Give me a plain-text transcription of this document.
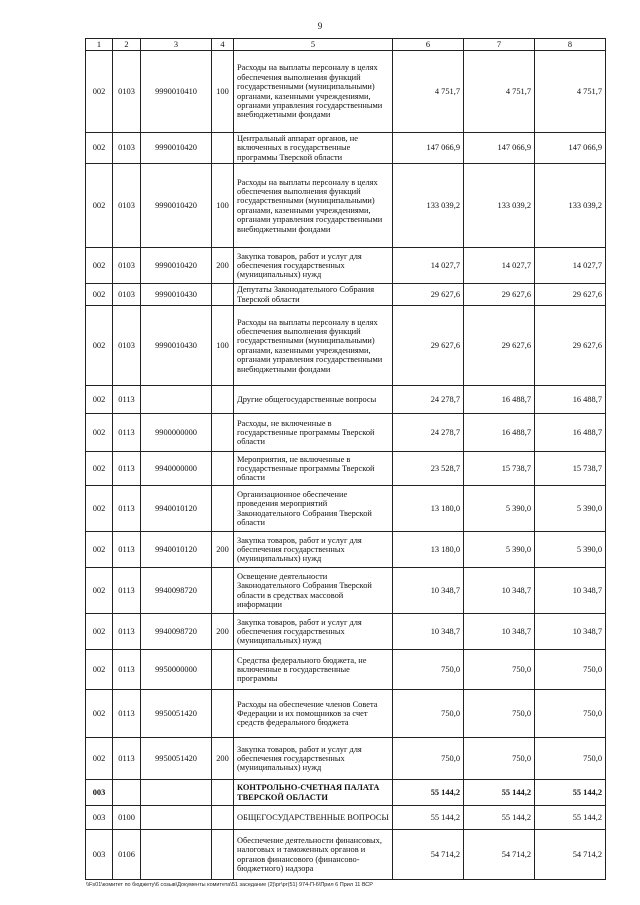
9
1	2	3	4	5	6	7	8
002	0103	9990010410	100	Расходы на выплаты персоналу в целях обеспечения выполнения функций государственными (муниципальными) органами, казенными учреждениями, органами управления государственными внебюджетными фондами	4 751,7	4 751,7	4 751,7
002	0103	9990010420		Центральный аппарат органов, не включенных в государственные программы Тверской области	147 066,9	147 066,9	147 066,9
002	0103	9990010420	100	Расходы на выплаты персоналу в целях обеспечения выполнения функций государственными (муниципальными) органами, казенными учреждениями, органами управления государственными внебюджетными фондами	133 039,2	133 039,2	133 039,2
002	0103	9990010420	200	Закупка товаров, работ и услуг для обеспечения государственных (муниципальных) нужд	14 027,7	14 027,7	14 027,7
002	0103	9990010430		Депутаты Законодательного Собрания Тверской области	29 627,6	29 627,6	29 627,6
002	0103	9990010430	100	Расходы на выплаты персоналу в целях обеспечения выполнения функций государственными (муниципальными) органами, казенными учреждениями, органами управления государственными внебюджетными фондами	29 627,6	29 627,6	29 627,6
002	0113			Другие общегосударственные вопросы	24 278,7	16 488,7	16 488,7
002	0113	9900000000		Расходы, не включенные в государственные программы Тверской области	24 278,7	16 488,7	16 488,7
002	0113	9940000000		Мероприятия, не включенные в государственные программы Тверской области	23 528,7	15 738,7	15 738,7
002	0113	9940010120		Организационное обеспечение проведения мероприятий Законодательного Собрания Тверской области	13 180,0	5 390,0	5 390,0
002	0113	9940010120	200	Закупка товаров, работ и услуг для обеспечения государственных (муниципальных) нужд	13 180,0	5 390,0	5 390,0
002	0113	9940098720		Освещение деятельности Законодательного Собрания Тверской области в средствах массовой информации	10 348,7	10 348,7	10 348,7
002	0113	9940098720	200	Закупка товаров, работ и услуг для обеспечения государственных (муниципальных) нужд	10 348,7	10 348,7	10 348,7
002	0113	9950000000		Средства федерального бюджета, не включенные в государственные программы	750,0	750,0	750,0
002	0113	9950051420		Расходы на обеспечение членов Совета Федерации и их помощников за счет средств федерального бюджета	750,0	750,0	750,0
002	0113	9950051420	200	Закупка товаров, работ и услуг для обеспечения государственных (муниципальных) нужд	750,0	750,0	750,0
003				КОНТРОЛЬНО-СЧЕТНАЯ ПАЛАТА ТВЕРСКОЙ ОБЛАСТИ	55 144,2	55 144,2	55 144,2
003	0100			ОБЩЕГОСУДАРСТВЕННЫЕ ВОПРОСЫ	55 144,2	55 144,2	55 144,2
003	0106			Обеспечение деятельности финансовых, налоговых и таможенных органов и органов финансового (финансово-бюджетного) надзора	54 714,2	54 714,2	54 714,2
\\Fs01\комитет по бюджету\6 созыв\Документы комитета\51 заседание (2)\рг\рг(51) 974-П-6\Прил 6 Прил 11 ВСР
